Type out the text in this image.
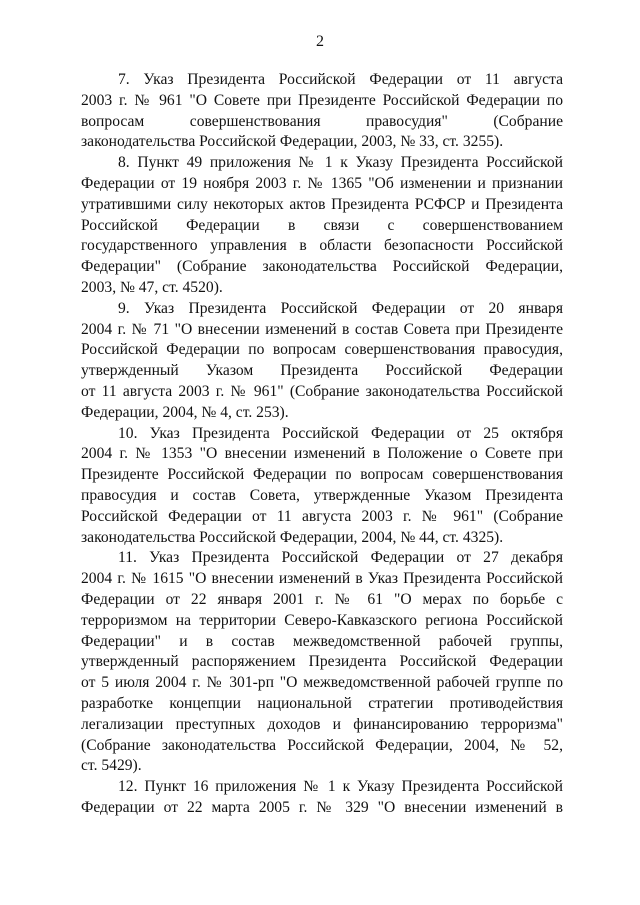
2
7. Указ Президента Российской Федерации от 11 августа
2003 г. № 961 "О Совете при Президенте Российской Федерации по
вопросам совершенствования правосудия" (Собрание
законодательства Российской Федерации, 2003, № 33, ст. 3255).
8. Пункт 49 приложения № 1 к Указу Президента Российской
Федерации от 19 ноября 2003 г. № 1365 "Об изменении и признании
утратившими силу некоторых актов Президента РСФСР и Президента
Российской Федерации в связи с совершенствованием
государственного управления в области безопасности Российской
Федерации" (Собрание законодательства Российской Федерации,
2003, № 47, ст. 4520).
9. Указ Президента Российской Федерации от 20 января
2004 г. № 71 "О внесении изменений в состав Совета при Президенте
Российской Федерации по вопросам совершенствования правосудия,
утвержденный Указом Президента Российской Федерации
от 11 августа 2003 г. № 961" (Собрание законодательства Российской
Федерации, 2004, № 4, ст. 253).
10. Указ Президента Российской Федерации от 25 октября
2004 г. № 1353 "О внесении изменений в Положение о Совете при
Президенте Российской Федерации по вопросам совершенствования
правосудия и состав Совета, утвержденные Указом Президента
Российской Федерации от 11 августа 2003 г. № 961" (Собрание
законодательства Российской Федерации, 2004, № 44, ст. 4325).
11. Указ Президента Российской Федерации от 27 декабря
2004 г. № 1615 "О внесении изменений в Указ Президента Российской
Федерации от 22 января 2001 г. № 61 "О мерах по борьбе с
терроризмом на территории Северо-Кавказского региона Российской
Федерации" и в состав межведомственной рабочей группы,
утвержденный распоряжением Президента Российской Федерации
от 5 июля 2004 г. № 301-рп "О межведомственной рабочей группе по
разработке концепции национальной стратегии противодействия
легализации преступных доходов и финансированию терроризма"
(Собрание законодательства Российской Федерации, 2004, № 52,
ст. 5429).
12. Пункт 16 приложения № 1 к Указу Президента Российской
Федерации от 22 марта 2005 г. № 329 "О внесении изменений в
